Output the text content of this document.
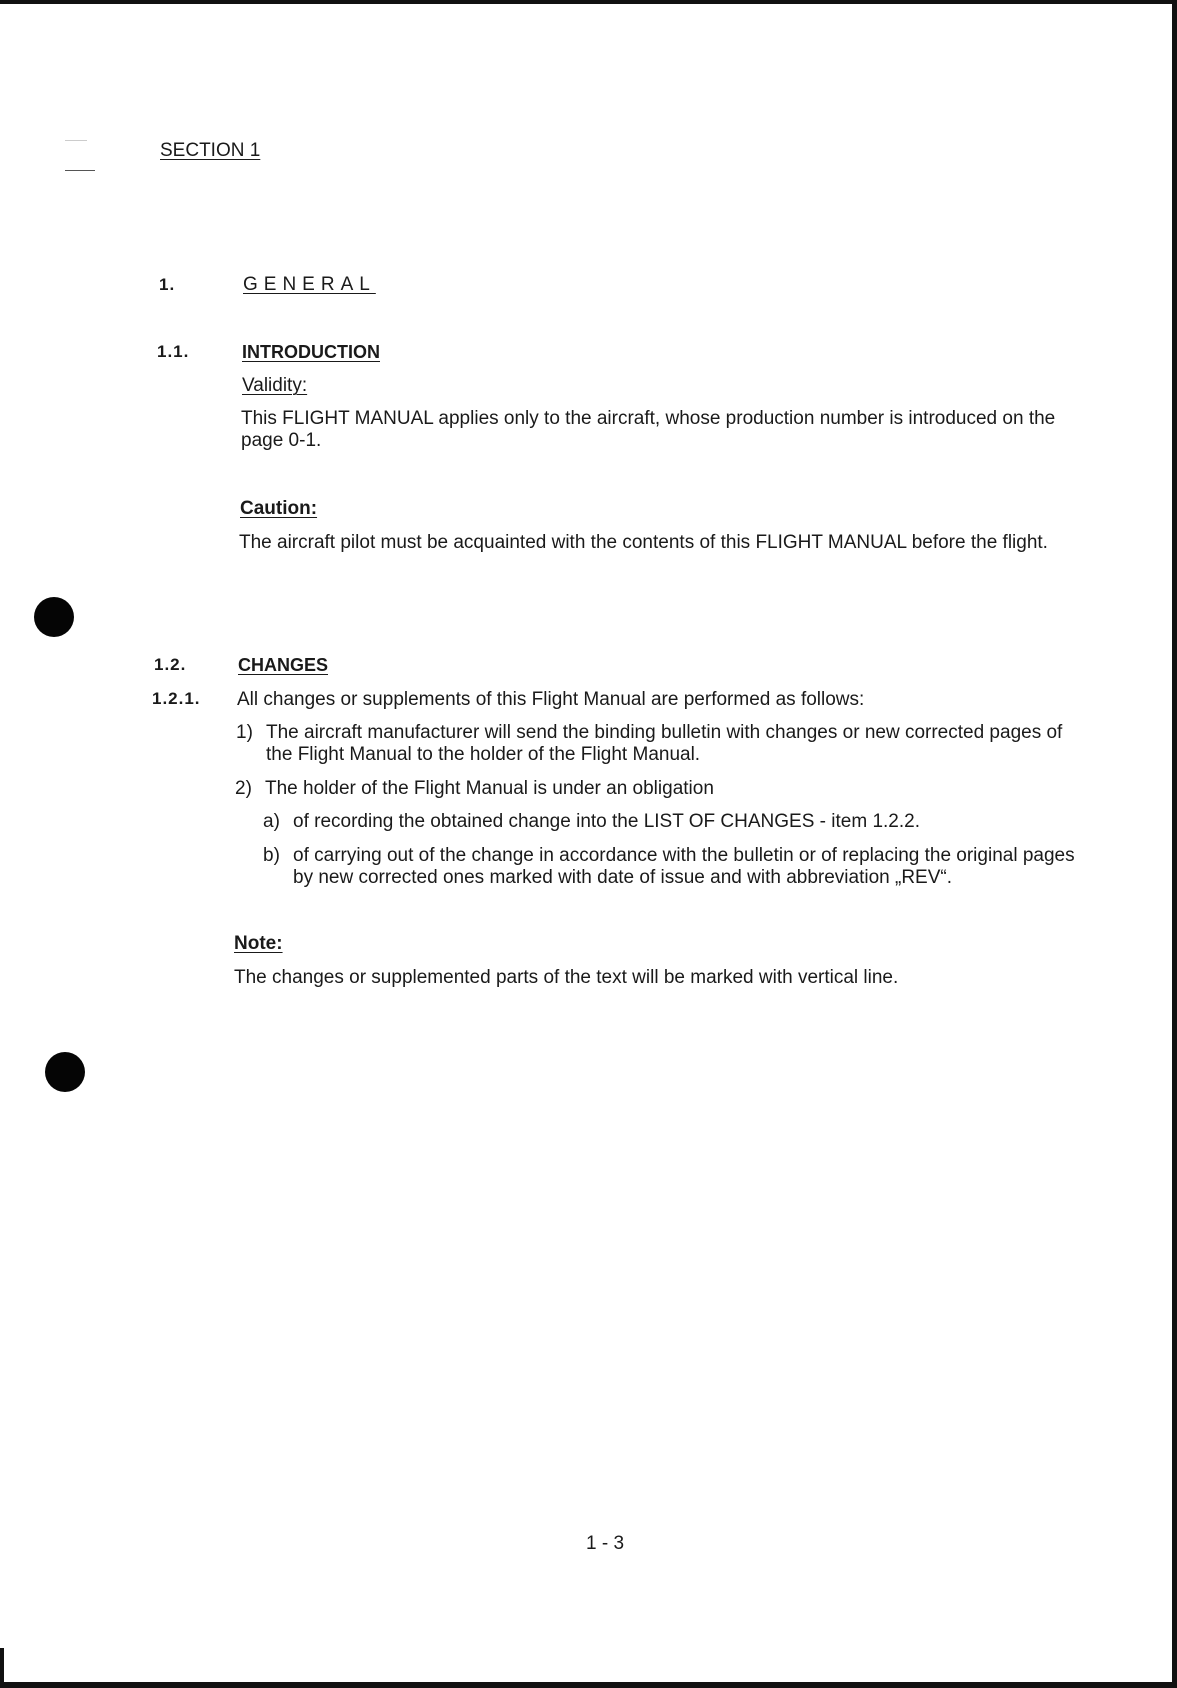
SECTION 1
1.	GENERAL
1.1.	INTRODUCTION
Validity:
This FLIGHT MANUAL applies only to the aircraft, whose production number is introduced on the page 0-1.
Caution:
The aircraft pilot must be acquainted with the contents of this FLIGHT MANUAL before the flight.
1.2.	CHANGES
1.2.1. All changes or supplements of this Flight Manual are performed as follows:
1) The aircraft manufacturer will send the binding bulletin with changes or new corrected pages of the Flight Manual to the holder of the Flight Manual.
2) The holder of the Flight Manual is under an obligation
a) of recording the obtained change into the LIST OF CHANGES - item 1.2.2.
b) of carrying out of the change in accordance with the bulletin or of replacing the original pages by new corrected ones marked with date of issue and with abbreviation „REV“.
Note:
The changes or supplemented parts of the text will be marked with vertical line.
1 - 3
